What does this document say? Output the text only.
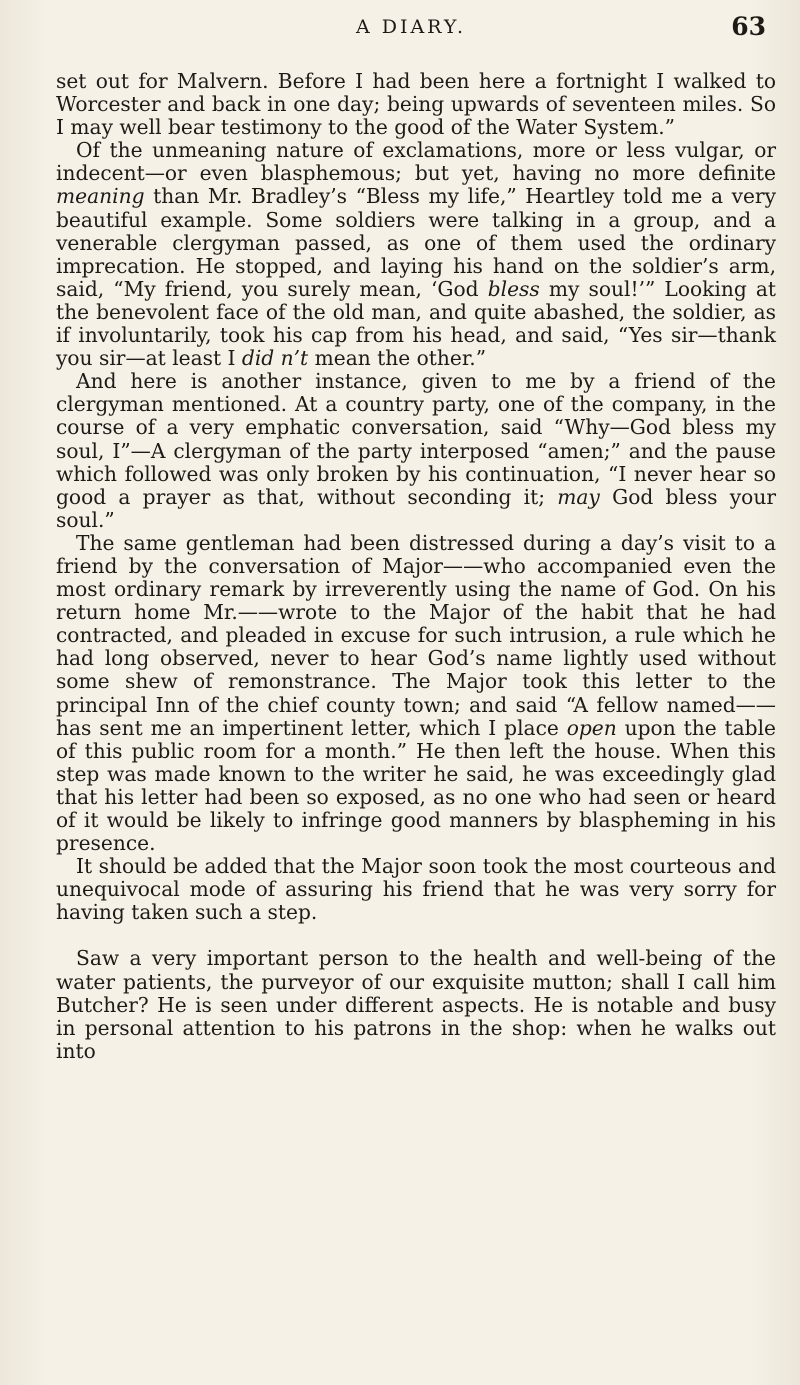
A DIARY.	63

set out for Malvern. Before I had been here a fortnight I walked to Worcester and back in one day; being upwards of seventeen miles. So I may well bear testimony to the good of the Water System.”

Of the unmeaning nature of exclamations, more or less vulgar, or indecent—or even blasphemous; but yet, having no more definite meaning than Mr. Bradley’s “Bless my life,” Heartley told me a very beautiful example. Some soldiers were talking in a group, and a venerable clergyman passed, as one of them used the ordinary imprecation. He stopped, and laying his hand on the soldier’s arm, said, “My friend, you surely mean, ‘God bless my soul!’” Looking at the benevolent face of the old man, and quite abashed, the soldier, as if involuntarily, took his cap from his head, and said, “Yes sir—thank you sir—at least I did n’t mean the other.”

And here is another instance, given to me by a friend of the clergyman mentioned. At a country party, one of the company, in the course of a very emphatic conversation, said “Why—God bless my soul, I”—A clergyman of the party interposed “amen;” and the pause which followed was only broken by his continuation, “I never hear so good a prayer as that, without seconding it; may God bless your soul.”

The same gentleman had been distressed during a day’s visit to a friend by the conversation of Major——who accompanied even the most ordinary remark by irreverently using the name of God. On his return home Mr.——wrote to the Major of the habit that he had contracted, and pleaded in excuse for such intrusion, a rule which he had long observed, never to hear God’s name lightly used without some shew of remonstrance. The Major took this letter to the principal Inn of the chief county town; and said “A fellow named——has sent me an impertinent letter, which I place open upon the table of this public room for a month.” He then left the house. When this step was made known to the writer he said, he was exceedingly glad that his letter had been so exposed, as no one who had seen or heard of it would be likely to infringe good manners by blaspheming in his presence.

It should be added that the Major soon took the most courteous and unequivocal mode of assuring his friend that he was very sorry for having taken such a step.

Saw a very important person to the health and well-being of the water patients, the purveyor of our exquisite mutton; shall I call him Butcher? He is seen under different aspects. He is notable and busy in personal attention to his patrons in the shop: when he walks out into
